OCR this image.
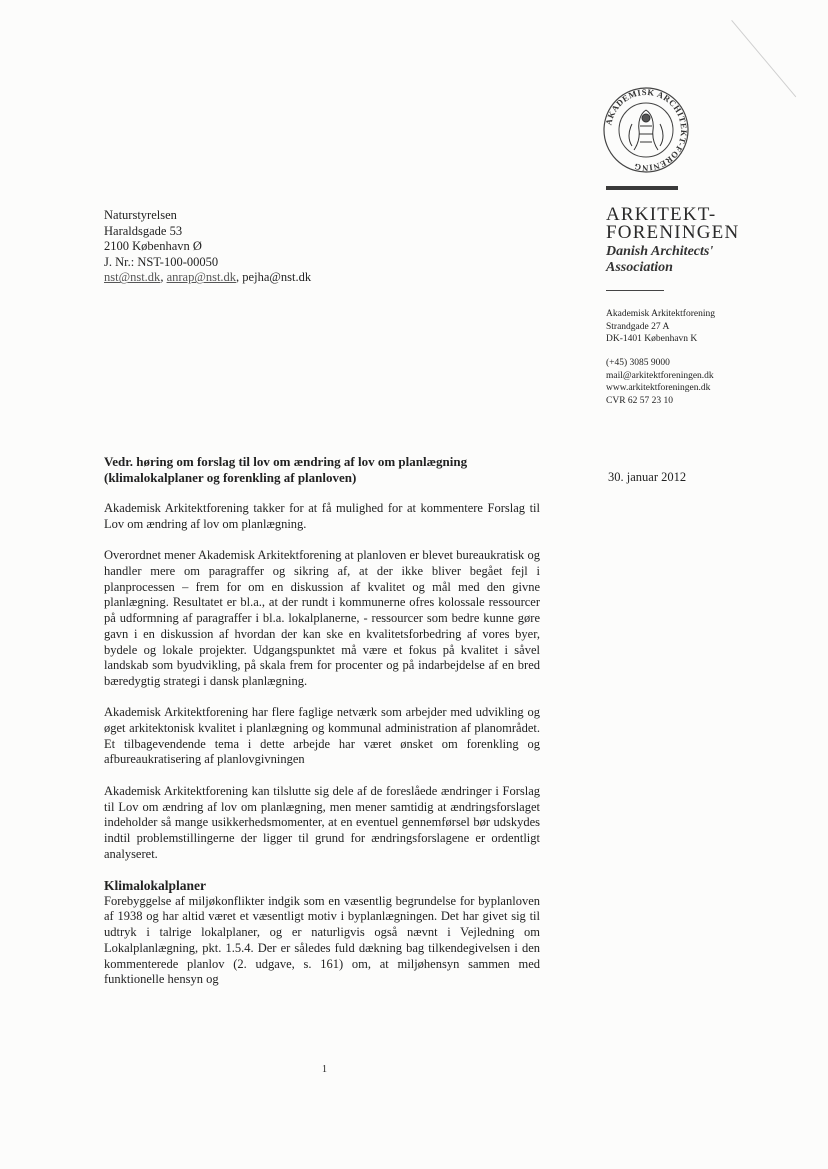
AKADEMISK ARCHITEKT-FORENING
ARKITEKT-
FORENINGEN
Danish Architects'
Association
Akademisk Arkitektforening
Strandgade 27 A
DK-1401 København K
(+45) 3085 9000
mail@arkitektforeningen.dk
www.arkitektforeningen.dk
CVR 62 57 23 10
Naturstyrelsen
Haraldsgade 53
2100 København Ø
J. Nr.: NST-100-00050
nst@nst.dk, anrap@nst.dk, pejha@nst.dk
30. januar 2012

Vedr. høring om forslag til lov om ændring af lov om planlægning (klimalokalplaner og forenkling af planloven)

Akademisk Arkitektforening takker for at få mulighed for at kommentere Forslag til Lov om ændring af lov om planlægning.

Overordnet mener Akademisk Arkitektforening at planloven er blevet bureaukratisk og handler mere om paragraffer og sikring af, at der ikke bliver begået fejl i planprocessen – frem for om en diskussion af kvalitet og mål med den givne planlægning. Resultatet er bl.a., at der rundt i kommunerne ofres kolossale ressourcer på udformning af paragraffer i bl.a. lokalplanerne, - ressourcer som bedre kunne gøre gavn i en diskussion af hvordan der kan ske en kvalitetsforbedring af vores byer, bydele og lokale projekter. Udgangspunktet må være et fokus på kvalitet i såvel landskab som byudvikling, på skala frem for procenter og på indarbejdelse af en bred bæredygtig strategi i dansk planlægning.

Akademisk Arkitektforening har flere faglige netværk som arbejder med udvikling og øget arkitektonisk kvalitet i planlægning og kommunal administration af planområdet. Et tilbagevendende tema i dette arbejde har været ønsket om forenkling og afbureaukratisering af planlovgivningen

Akademisk Arkitektforening kan tilslutte sig dele af de foreslåede ændringer i Forslag til Lov om ændring af lov om planlægning, men mener samtidig at ændringsforslaget indeholder så mange usikkerhedsmomenter, at en eventuel gennemførsel bør udskydes indtil problemstillingerne der ligger til grund for ændringsforslagene er ordentligt analyseret.

Klimalokalplaner

Forebyggelse af miljøkonflikter indgik som en væsentlig begrundelse for byplanloven af 1938 og har altid været et væsentligt motiv i byplanlægningen. Det har givet sig til udtryk i talrige lokalplaner, og er naturligvis også nævnt i Vejledning om Lokalplanlægning, pkt. 1.5.4. Der er således fuld dækning bag tilkendegivelsen i den kommenterede planlov (2. udgave, s. 161) om, at miljøhensyn sammen med funktionelle hensyn og

1
